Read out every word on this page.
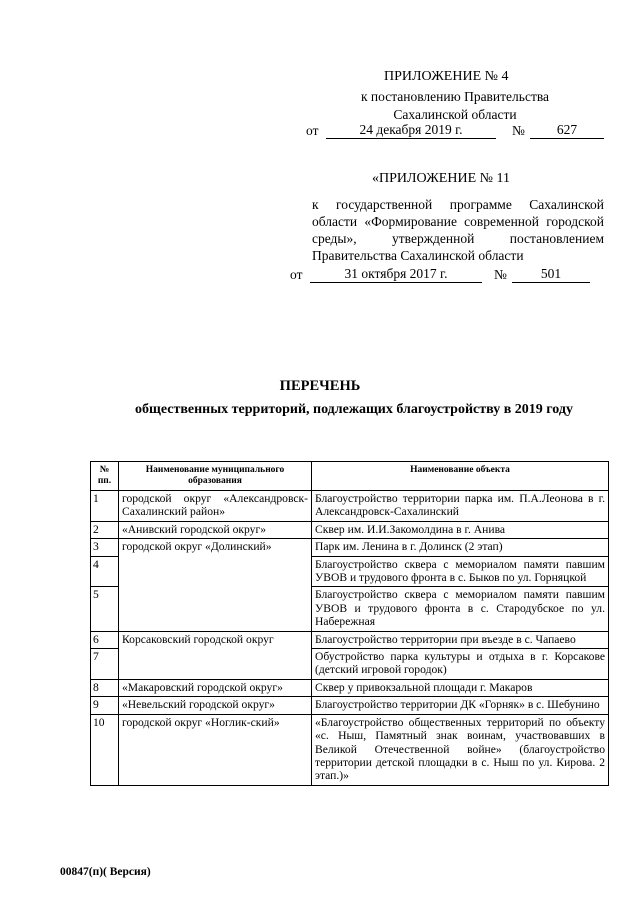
ПРИЛОЖЕНИЕ № 4
к постановлению Правительства
Сахалинской области
от	24 декабря 2019 г.	№	627
«ПРИЛОЖЕНИЕ № 11
к государственной программе Сахалинской области «Формирование современной городской среды», утвержденной постановлением Правительства Сахалинской области
от	31 октября 2017 г.	№	501
ПЕРЕЧЕНЬ
общественных территорий, подлежащих благоустройству в 2019 году
№ пп.	Наименование муниципального образования	Наименование объекта
1	городской округ «Александровск-Сахалинский район»	Благоустройство территории парка им. П.А.Леонова в г. Александровск-Сахалинский
2	«Анивский городской округ»	Сквер им. И.И.Закомолдина в г. Анива
3	городской округ «Долинский»	Парк им. Ленина в г. Долинск (2 этап)
4		Благоустройство сквера с мемориалом памяти павшим УВОВ и трудового фронта в с. Быков по ул. Горняцкой
5		Благоустройство сквера с мемориалом памяти павшим УВОВ и трудового фронта в с. Стародубское по ул. Набережная
6	Корсаковский городской округ	Благоустройство территории при въезде в с. Чапаево
7		Обустройство парка культуры и отдыха в г. Корсакове (детский игровой городок)
8	«Макаровский городской округ»	Сквер у привокзальной площади г. Макаров
9	«Невельский городской округ»	Благоустройство территории ДК «Горняк» в с. Шебунино
10	городской округ «Ноглик-ский»	«Благоустройство общественных территорий по объекту «с. Ныш, Памятный знак воинам, участвовавших в Великой Отечественной войне» (благоустройство территории детской площадки в с. Ныш по ул. Кирова. 2 этап.)»
00847(п)( Версия)
